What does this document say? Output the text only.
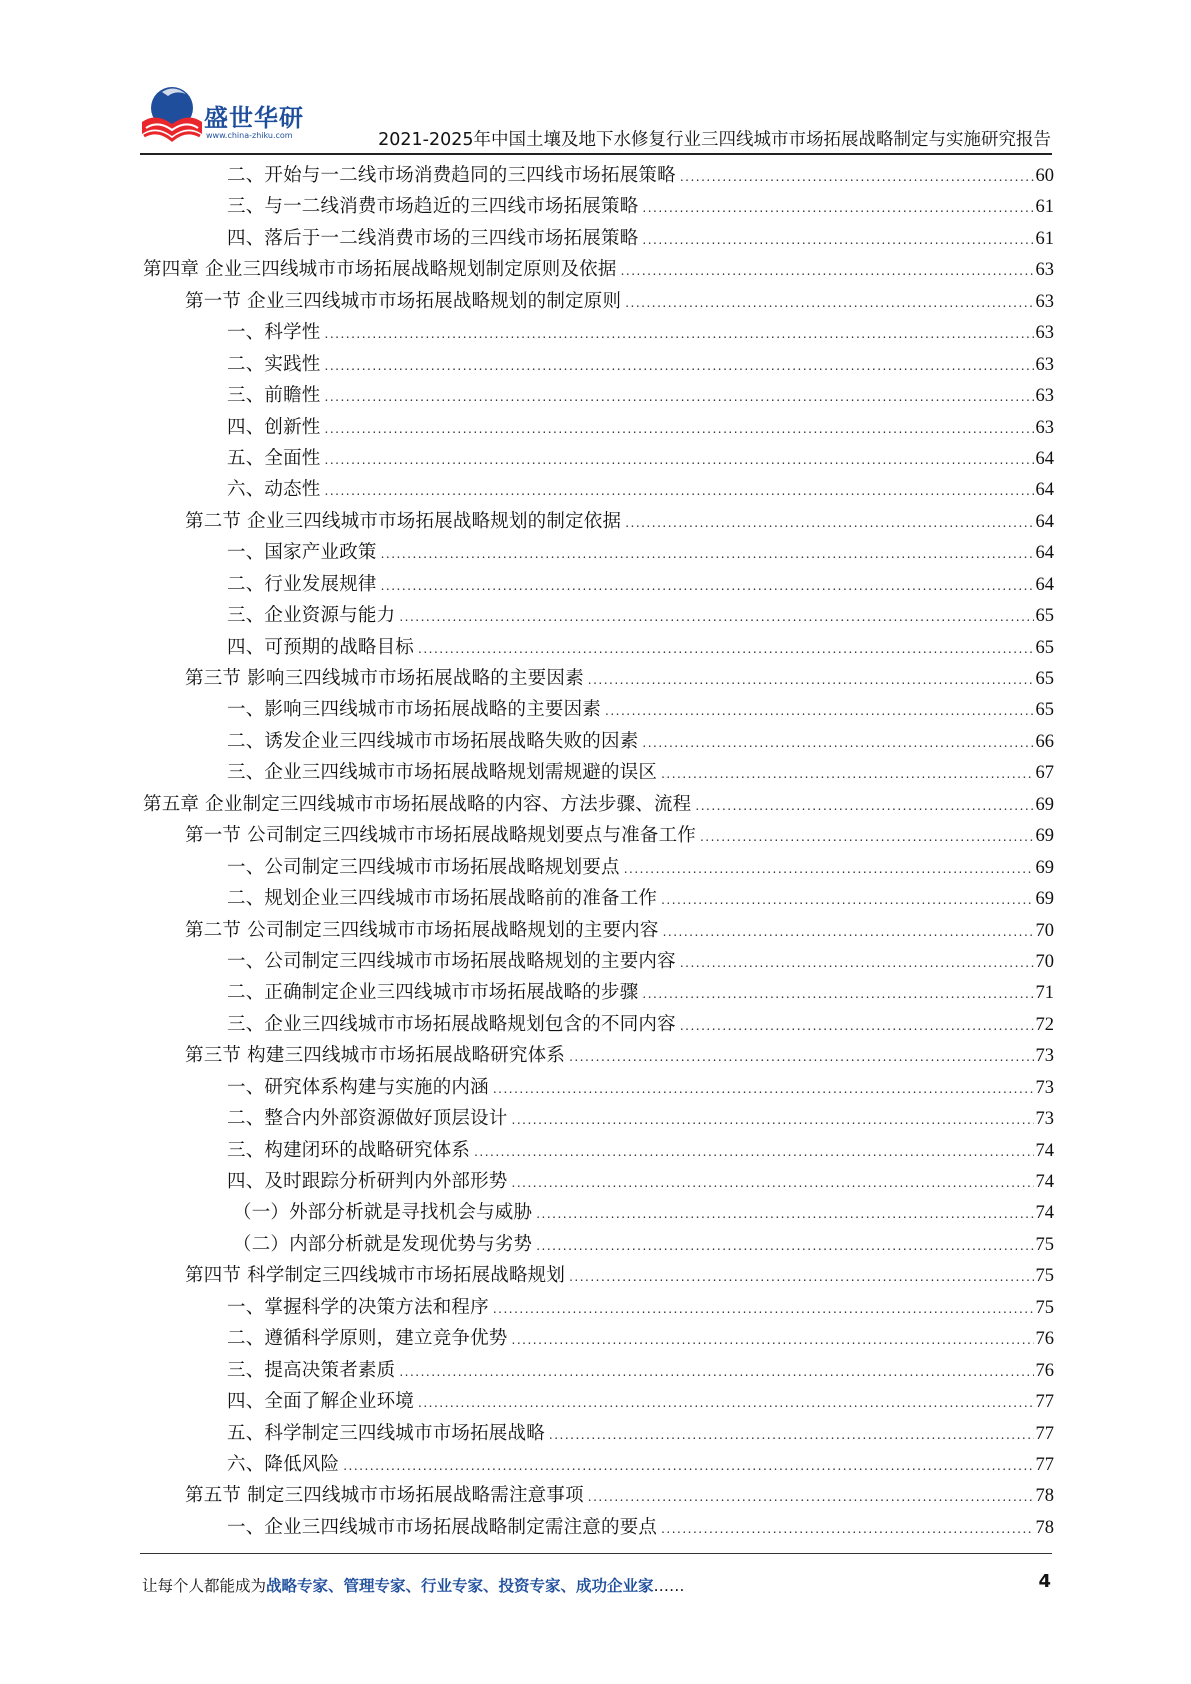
盛世华研
www.china-zhiku.com	2021-2025年中国土壤及地下水修复行业三四线城市市场拓展战略制定与实施研究报告
二、开始与一二线市场消费趋同的三四线市场拓展策略 .....	60
三、与一二线消费市场趋近的三四线市场拓展策略 .....	61
四、落后于一二线消费市场的三四线市场拓展策略 .....	61
第四章 企业三四线城市市场拓展战略规划制定原则及依据 .....	63
第一节 企业三四线城市市场拓展战略规划的制定原则 .....	63
一、科学性 .....	63
二、实践性 .....	63
三、前瞻性 .....	63
四、创新性 .....	63
五、全面性 .....	64
六、动态性 .....	64
第二节 企业三四线城市市场拓展战略规划的制定依据 .....	64
一、国家产业政策 .....	64
二、行业发展规律 .....	64
三、企业资源与能力 .....	65
四、可预期的战略目标 .....	65
第三节 影响三四线城市市场拓展战略的主要因素 .....	65
一、影响三四线城市市场拓展战略的主要因素 .....	65
二、诱发企业三四线城市市场拓展战略失败的因素 .....	66
三、企业三四线城市市场拓展战略规划需规避的误区 .....	67
第五章 企业制定三四线城市市场拓展战略的内容、方法步骤、流程 .....	69
第一节 公司制定三四线城市市场拓展战略规划要点与准备工作 .....	69
一、公司制定三四线城市市场拓展战略规划要点 .....	69
二、规划企业三四线城市市场拓展战略前的准备工作 .....	69
第二节 公司制定三四线城市市场拓展战略规划的主要内容 .....	70
一、公司制定三四线城市市场拓展战略规划的主要内容 .....	70
二、正确制定企业三四线城市市场拓展战略的步骤 .....	71
三、企业三四线城市市场拓展战略规划包含的不同内容 .....	72
第三节 构建三四线城市市场拓展战略研究体系 .....	73
一、研究体系构建与实施的内涵 .....	73
二、整合内外部资源做好顶层设计 .....	73
三、构建闭环的战略研究体系 .....	74
四、及时跟踪分析研判内外部形势 .....	74
（一）外部分析就是寻找机会与威胁 .....	74
（二）内部分析就是发现优势与劣势 .....	75
第四节 科学制定三四线城市市场拓展战略规划 .....	75
一、掌握科学的决策方法和程序 .....	75
二、遵循科学原则，建立竞争优势 .....	76
三、提高决策者素质 .....	76
四、全面了解企业环境 .....	77
五、科学制定三四线城市市场拓展战略 .....	77
六、降低风险 .....	77
第五节 制定三四线城市市场拓展战略需注意事项 .....	78
一、企业三四线城市市场拓展战略制定需注意的要点 .....	78
让每个人都能成为战略专家、管理专家、行业专家、投资专家、成功企业家……	4
